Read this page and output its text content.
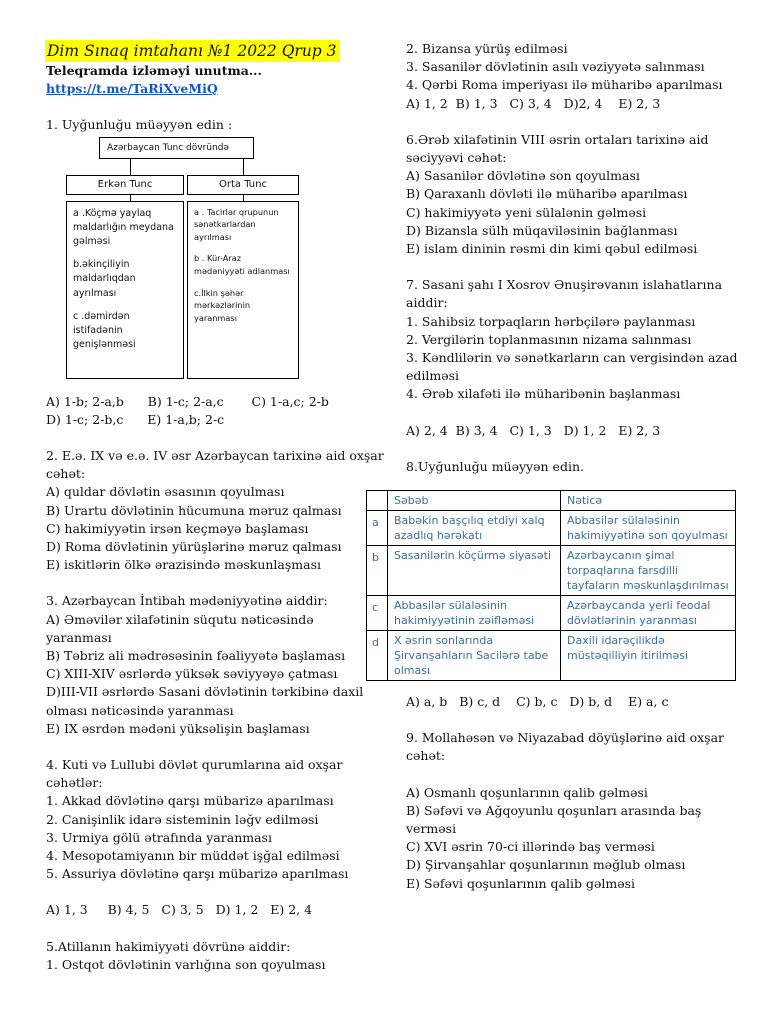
Dim Sınaq imtahanı №1 2022 Qrup 3
Teleqramda izləməyi unutma...
https://t.me/TaRiXveMiQ
1. Uyğunluğu müəyyən edin :
Azərbaycan Tunc dövründə
Erkən Tunc	Orta Tunc
a .Köçmə yaylaq maldarlığın meydana gəlməsi
b.əkinçiliyin maldarlıqdan ayrılması
c .dəmirdən istifadənin genişlənməsi
a . Tacirlər qrupunun sənətkarlardan ayrılması
b . Kür-Araz mədəniyyəti adlanması
c.İlkin şəhər mərkəzlərinin yaranması
A) 1-b; 2-a,b      B) 1-c; 2-a,c       C) 1-a,c; 2-b
D) 1-c; 2-b,c      E) 1-a,b; 2-c
2. E.ə. IX və e.ə. IV əsr Azərbaycan tarixinə aid oxşar
cəhət:
A) quldar dövlətin əsasının qoyulması
B) Urartu dövlətinin hücumuna məruz qalması
C) hakimiyyətin irsən keçməyə başlaması
D) Roma dövlətinin yürüşlərinə məruz qalması
E) iskitlərin ölkə ərazisində məskunlaşması
3. Azərbaycan İntibah mədəniyyətinə aiddir:
A) Əməvilər xilafətinin süqutu nəticəsində
yaranması
B) Təbriz ali mədrəsəsinin fəaliyyətə başlaması
C) XIII-XIV əsrlərdə yüksək səviyyəyə çatması
D)III-VII əsrlərdə Sasani dövlətinin tərkibinə daxil
olması nəticəsində yaranması
E) IX əsrdən mədəni yüksəlişin başlaması
4. Kuti və Lullubi dövlət qurumlarına aid oxşar
cəhətlər:
1. Akkad dövlətinə qarşı mübarizə aparılması
2. Canişinlik idarə sisteminin ləğv edilməsi
3. Urmiya gölü ətrafında yaranması
4. Mesopotamiyanın bir müddət işğal edilməsi
5. Assuriya dövlətinə qarşı mübarizə aparılması
A) 1, 3     B) 4, 5   C) 3, 5   D) 1, 2   E) 2, 4
5.Atillanın hakimiyyəti dövrünə aiddir:
1. Ostqot dövlətinin varlığına son qoyulması
2. Bizansa yürüş edilməsi
3. Sasanilər dövlətinin asılı vəziyyətə salınması
4. Qərbi Roma imperiyası ilə müharibə aparılması
A) 1, 2  B) 1, 3   C) 3, 4   D)2, 4    E) 2, 3
6.Ərəb xilafətinin VIII əsrin ortaları tarixinə aid
səciyyəvi cəhət:
A) Sasanilər dövlətinə son qoyulması
B) Qaraxanlı dövləti ilə müharibə aparılması
C) hakimiyyətə yeni sülalənin gəlməsi
D) Bizansla sülh müqaviləsinin bağlanması
E) islam dininin rəsmi din kimi qəbul edilməsi
7. Sasani şahı I Xosrov Ənuşirəvanın islahatlarına
aiddir:
1. Sahibsiz torpaqların hərbçilərə paylanması
2. Vergilərin toplanmasının nizama salınması
3. Kəndlilərin və sənətkarların can vergisindən azad
edilməsi
4. Ərəb xilafəti ilə müharibənin başlanması
A) 2, 4  B) 3, 4   C) 1, 3   D) 1, 2   E) 2, 3
8.Uyğunluğu müəyyən edin.
	Səbəb	Nəticə
a	Babəkin başçılıq etdiyi xalq azadlıq hərəkatı	Abbasilər sülaləsinin hakimiyyətinə son qoyulması
b	Sasanilərin köçürmə siyasəti	Azərbaycanın şimal torpaqlarına farsdilli tayfaların məskunlaşdırılması
c	Abbasilər sülaləsinin hakimiyyətinin zəifləməsi	Azərbaycanda yerli feodal dövlətlərinin yaranması
d	X əsrin sonlarında Şirvanşahların Sacilərə tabe olması	Daxili idarəçilikdə müstəqilliyin itirilməsi
A) a, b   B) c, d    C) b, c   D) b, d    E) a, c
9. Mollahəsən və Niyazabad döyüşlərinə aid oxşar
cəhət:
A) Osmanlı qoşunlarının qalib gəlməsi
B) Səfəvi və Ağqoyunlu qoşunları arasında baş
verməsi
C) XVI əsrin 70-ci illərində baş verməsi
D) Şirvanşahlar qoşunlarının məğlub olması
E) Səfəvi qoşunlarının qalib gəlməsi
